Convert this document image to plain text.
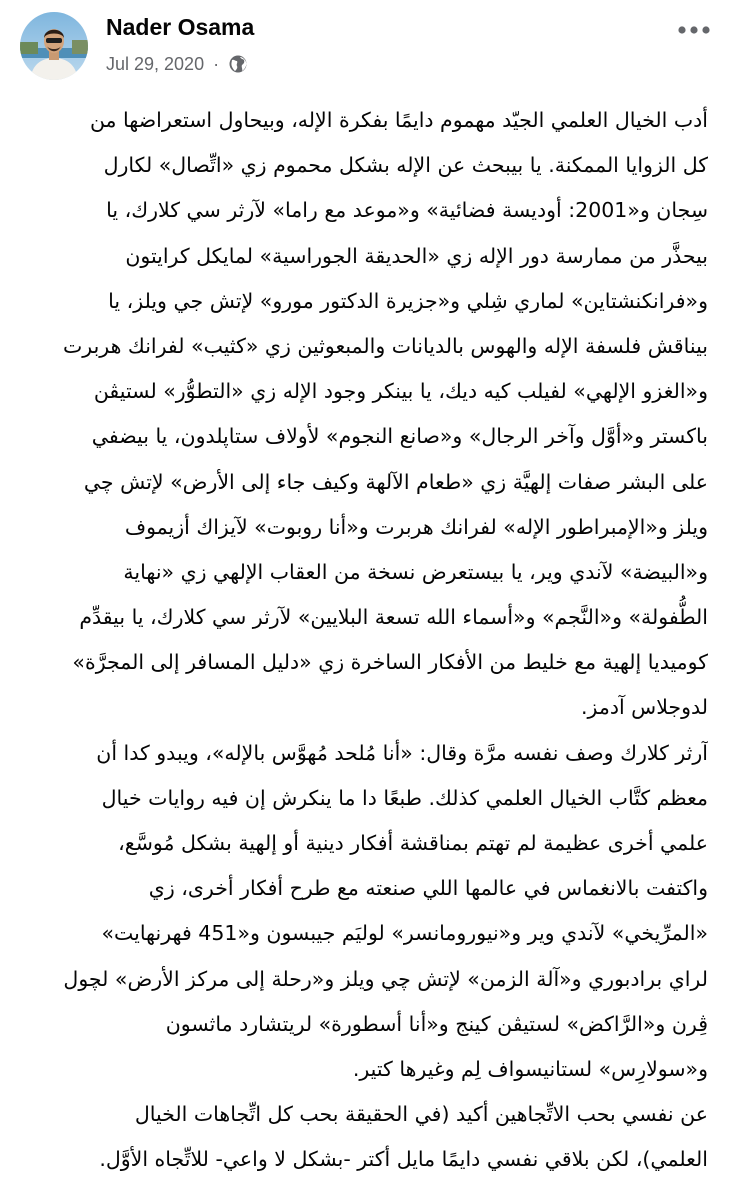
Nader Osama
Jul 29, 2020 ·
أدب الخيال العلمي الجيّد مهموم دايمًا بفكرة الإله، وبيحاول استعراضها من
كل الزوايا الممكنة. يا بيبحث عن الإله بشكل محموم زي «اتِّصال» لكارل
سِجان و«2001: أوديسة فضائية» و«موعد مع راما» لآرثر سي كلارك، يا
بيحذَّر من ممارسة دور الإله زي «الحديقة الجوراسية» لمايكل كرايتون
و«فرانكنشتاين» لماري شِلي و«جزيرة الدكتور مورو» لإتش جي ويلز، يا
بيناقش فلسفة الإله والهوس بالديانات والمبعوثين زي «كثيب» لفرانك هربرت
و«الغزو الإلهي» لفيلب كيه ديك، يا بينكر وجود الإله زي «التطوُّر» لستيڤن
باكستر و«أوَّل وآخر الرجال» و«صانع النجوم» لأولاف ستاپلدون، يا بيضفي
على البشر صفات إلهيَّة زي «طعام الآلهة وكيف جاء إلى الأرض» لإتش چي
ويلز و«الإمبراطور الإله» لفرانك هربرت و«أنا روبوت» لآيزاك أزيموف
و«البيضة» لآندي وير، يا بيستعرض نسخة من العقاب الإلهي زي «نهاية
الطُّفولة» و«النَّجم» و«أسماء الله تسعة البلايين» لآرثر سي كلارك، يا بيقدِّم
كوميديا إلهية مع خليط من الأفكار الساخرة زي «دليل المسافر إلى المجرَّة»
لدوجلاس آدمز.
آرثر كلارك وصف نفسه مرَّة وقال: «أنا مُلحد مُهوَّس بالإله»، ويبدو كدا أن
معظم كتَّاب الخيال العلمي كذلك. طبعًا دا ما ينكرش إن فيه روايات خيال
علمي أخرى عظيمة لم تهتم بمناقشة أفكار دينية أو إلهية بشكل مُوسَّع،
واكتفت بالانغماس في عالمها اللي صنعته مع طرح أفكار أخرى، زي
«المرِّيخي» لآندي وير و«نيورومانسر» لوليَم جيبسون و«451 فهرنهايت»
لراي برادبوري و«آلة الزمن» لإتش چي ويلز و«رحلة إلى مركز الأرض» لچول
ڤِرن و«الرَّاكض» لستيڤن كينج و«أنا أسطورة» لريتشارد ماثسون
و«سولارِس» لستانيسواف لِم وغيرها كتير.
عن نفسي بحب الاتِّجاهين أكيد (في الحقيقة بحب كل اتِّجاهات الخيال
العلمي)، لكن بلاقي نفسي دايمًا مايل أكتر -بشكل لا واعي- للاتِّجاه الأوَّل.
